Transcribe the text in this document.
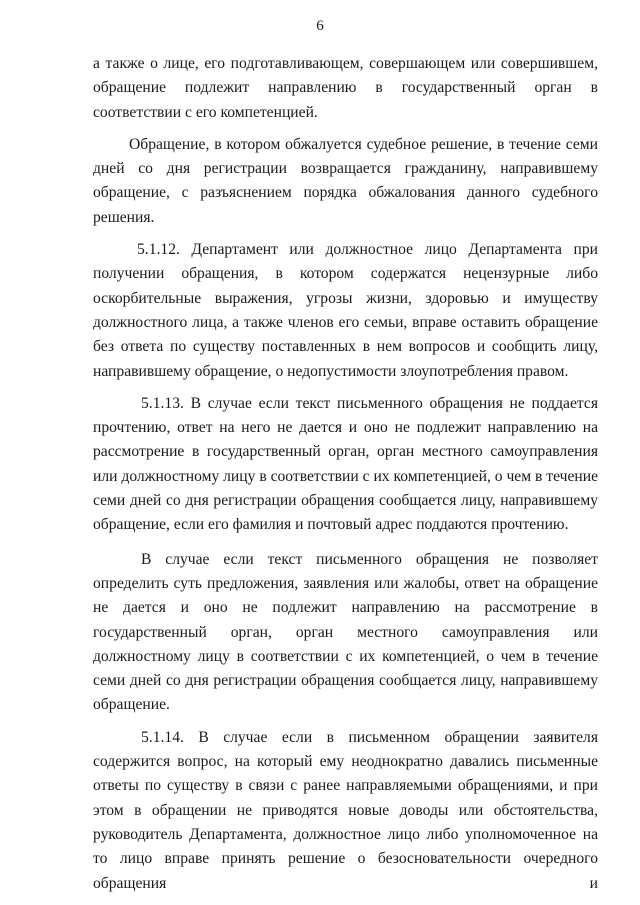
6

а также о лице, его подготавливающем, совершающем или совершившем, обращение подлежит направлению в государственный орган в соответствии с его компетенцией.

Обращение, в котором обжалуется судебное решение, в течение семи дней со дня регистрации возвращается гражданину, направившему обращение, с разъяснением порядка обжалования данного судебного решения.

5.1.12. Департамент или должностное лицо Департамента при получении обращения, в котором содержатся нецензурные либо оскорбительные выражения, угрозы жизни, здоровью и имуществу должностного лица, а также членов его семьи, вправе оставить обращение без ответа по существу поставленных в нем вопросов и сообщить лицу, направившему обращение, о недопустимости злоупотребления правом.

5.1.13. В случае если текст письменного обращения не поддается прочтению, ответ на него не дается и оно не подлежит направлению на рассмотрение в государственный орган, орган местного самоуправления или должностному лицу в соответствии с их компетенцией, о чем в течение семи дней со дня регистрации обращения сообщается лицу, направившему обращение, если его фамилия и почтовый адрес поддаются прочтению.

В случае если текст письменного обращения не позволяет определить суть предложения, заявления или жалобы, ответ на обращение не дается и оно не подлежит направлению на рассмотрение в государственный орган, орган местного самоуправления или должностному лицу в соответствии с их компетенцией, о чем в течение семи дней со дня регистрации обращения сообщается лицу, направившему обращение.

5.1.14. В случае если в письменном обращении заявителя содержится вопрос, на который ему неоднократно давались письменные ответы по существу в связи с ранее направляемыми обращениями, и при этом в обращении не приводятся новые доводы или обстоятельства, руководитель Департамента, должностное лицо либо уполномоченное на то лицо вправе принять решение о безосновательности очередного обращения и
